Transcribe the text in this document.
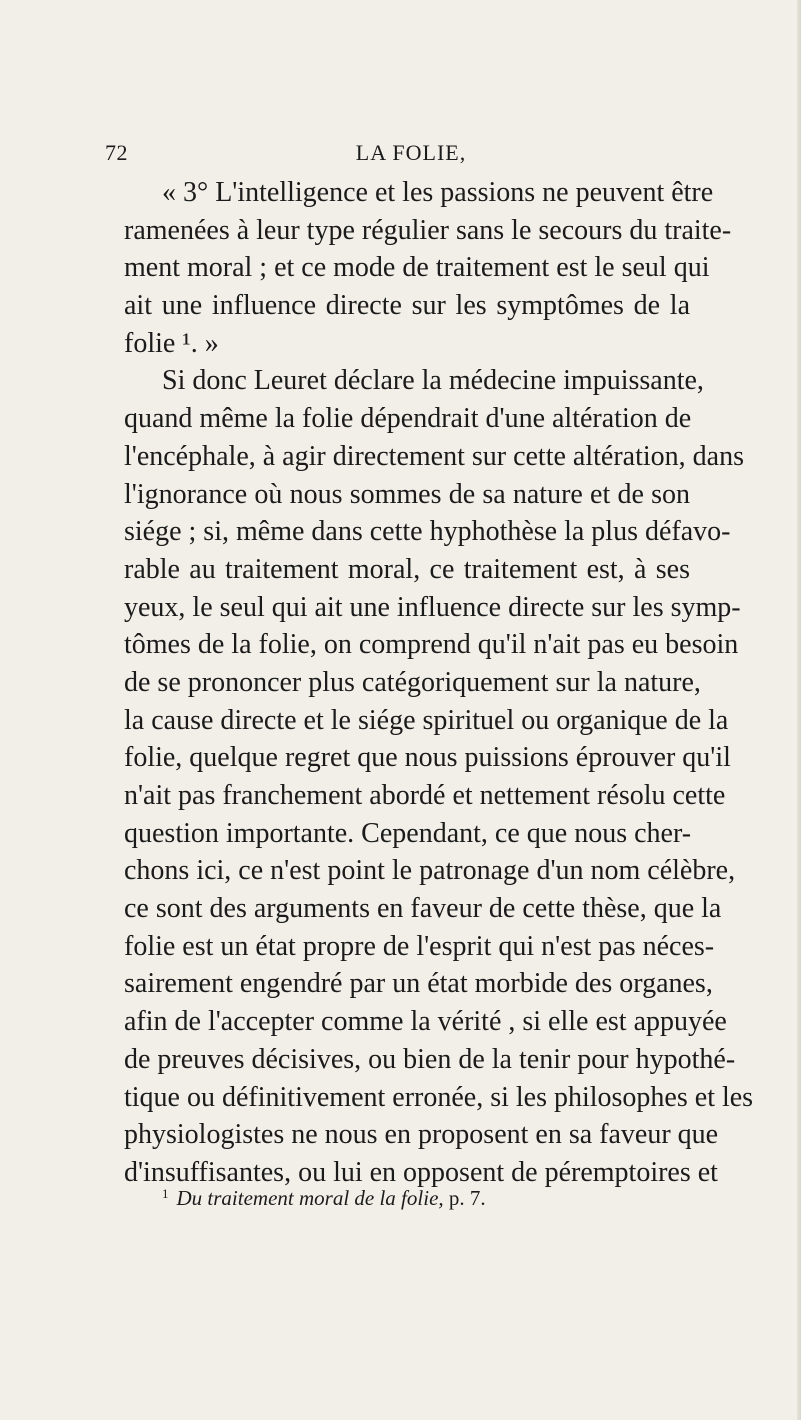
72	LA FOLIE,
« 3° L'intelligence et les passions ne peuvent être
ramenées à leur type régulier sans le secours du traite-
ment moral ; et ce mode de traitement est le seul qui
ait une influence directe sur les symptômes de la
folie ¹. »
Si donc Leuret déclare la médecine impuissante,
quand même la folie dépendrait d'une altération de
l'encéphale, à agir directement sur cette altération, dans
l'ignorance où nous sommes de sa nature et de son
siége ; si, même dans cette hyphothèse la plus défavo-
rable au traitement moral, ce traitement est, à ses
yeux, le seul qui ait une influence directe sur les symp-
tômes de la folie, on comprend qu'il n'ait pas eu besoin
de se prononcer plus catégoriquement sur la nature,
la cause directe et le siége spirituel ou organique de la
folie, quelque regret que nous puissions éprouver qu'il
n'ait pas franchement abordé et nettement résolu cette
question importante. Cependant, ce que nous cher-
chons ici, ce n'est point le patronage d'un nom célèbre,
ce sont des arguments en faveur de cette thèse, que la
folie est un état propre de l'esprit qui n'est pas néces-
sairement engendré par un état morbide des organes,
afin de l'accepter comme la vérité , si elle est appuyée
de preuves décisives, ou bien de la tenir pour hypothé-
tique ou définitivement erronée, si les philosophes et les
physiologistes ne nous en proposent en sa faveur que
d'insuffisantes, ou lui en opposent de péremptoires et
$^1$ Du traitement moral de la folie, p. 7.
